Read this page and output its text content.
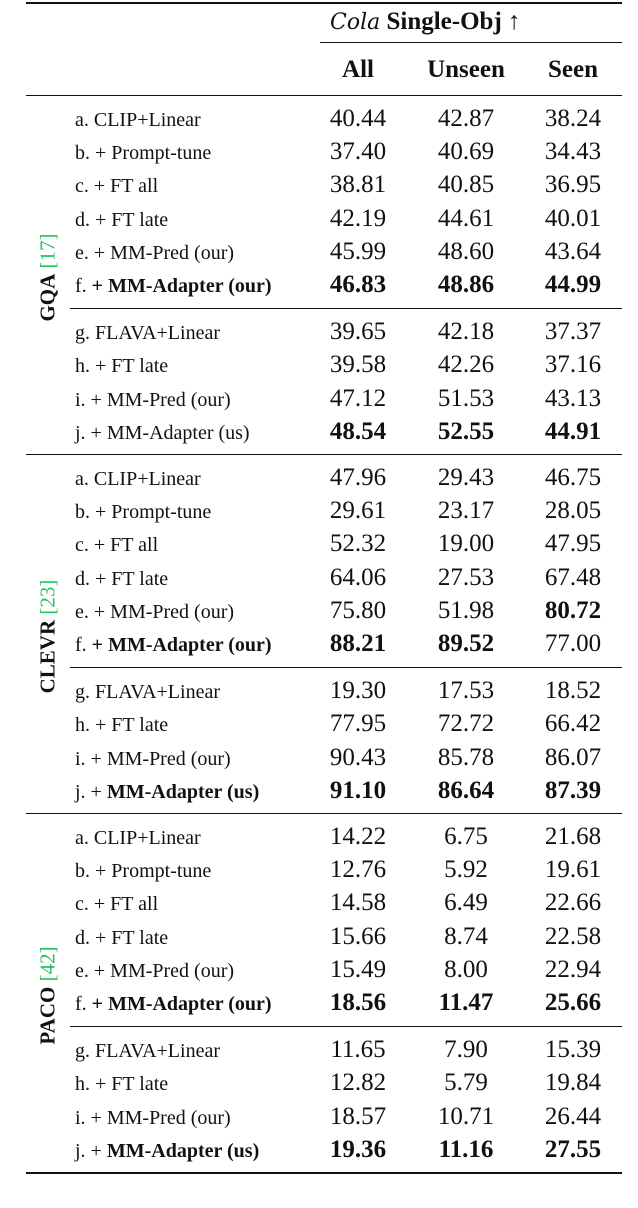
Cola Single-Obj ↑
All	Unseen	Seen
GQA [17]
a. CLIP+Linear	40.44	42.87	38.24
b. + Prompt-tune	37.40	40.69	34.43
c. + FT all	38.81	40.85	36.95
d. + FT late	42.19	44.61	40.01
e. + MM-Pred (our)	45.99	48.60	43.64
f. + MM-Adapter (our)	46.83	48.86	44.99
g. FLAVA+Linear	39.65	42.18	37.37
h. + FT late	39.58	42.26	37.16
i. + MM-Pred (our)	47.12	51.53	43.13
j. + MM-Adapter (us)	48.54	52.55	44.91
CLEVR [23]
a. CLIP+Linear	47.96	29.43	46.75
b. + Prompt-tune	29.61	23.17	28.05
c. + FT all	52.32	19.00	47.95
d. + FT late	64.06	27.53	67.48
e. + MM-Pred (our)	75.80	51.98	80.72
f. + MM-Adapter (our)	88.21	89.52	77.00
g. FLAVA+Linear	19.30	17.53	18.52
h. + FT late	77.95	72.72	66.42
i. + MM-Pred (our)	90.43	85.78	86.07
j. + MM-Adapter (us)	91.10	86.64	87.39
PACO [42]
a. CLIP+Linear	14.22	6.75	21.68
b. + Prompt-tune	12.76	5.92	19.61
c. + FT all	14.58	6.49	22.66
d. + FT late	15.66	8.74	22.58
e. + MM-Pred (our)	15.49	8.00	22.94
f. + MM-Adapter (our)	18.56	11.47	25.66
g. FLAVA+Linear	11.65	7.90	15.39
h. + FT late	12.82	5.79	19.84
i. + MM-Pred (our)	18.57	10.71	26.44
j. + MM-Adapter (us)	19.36	11.16	27.55
